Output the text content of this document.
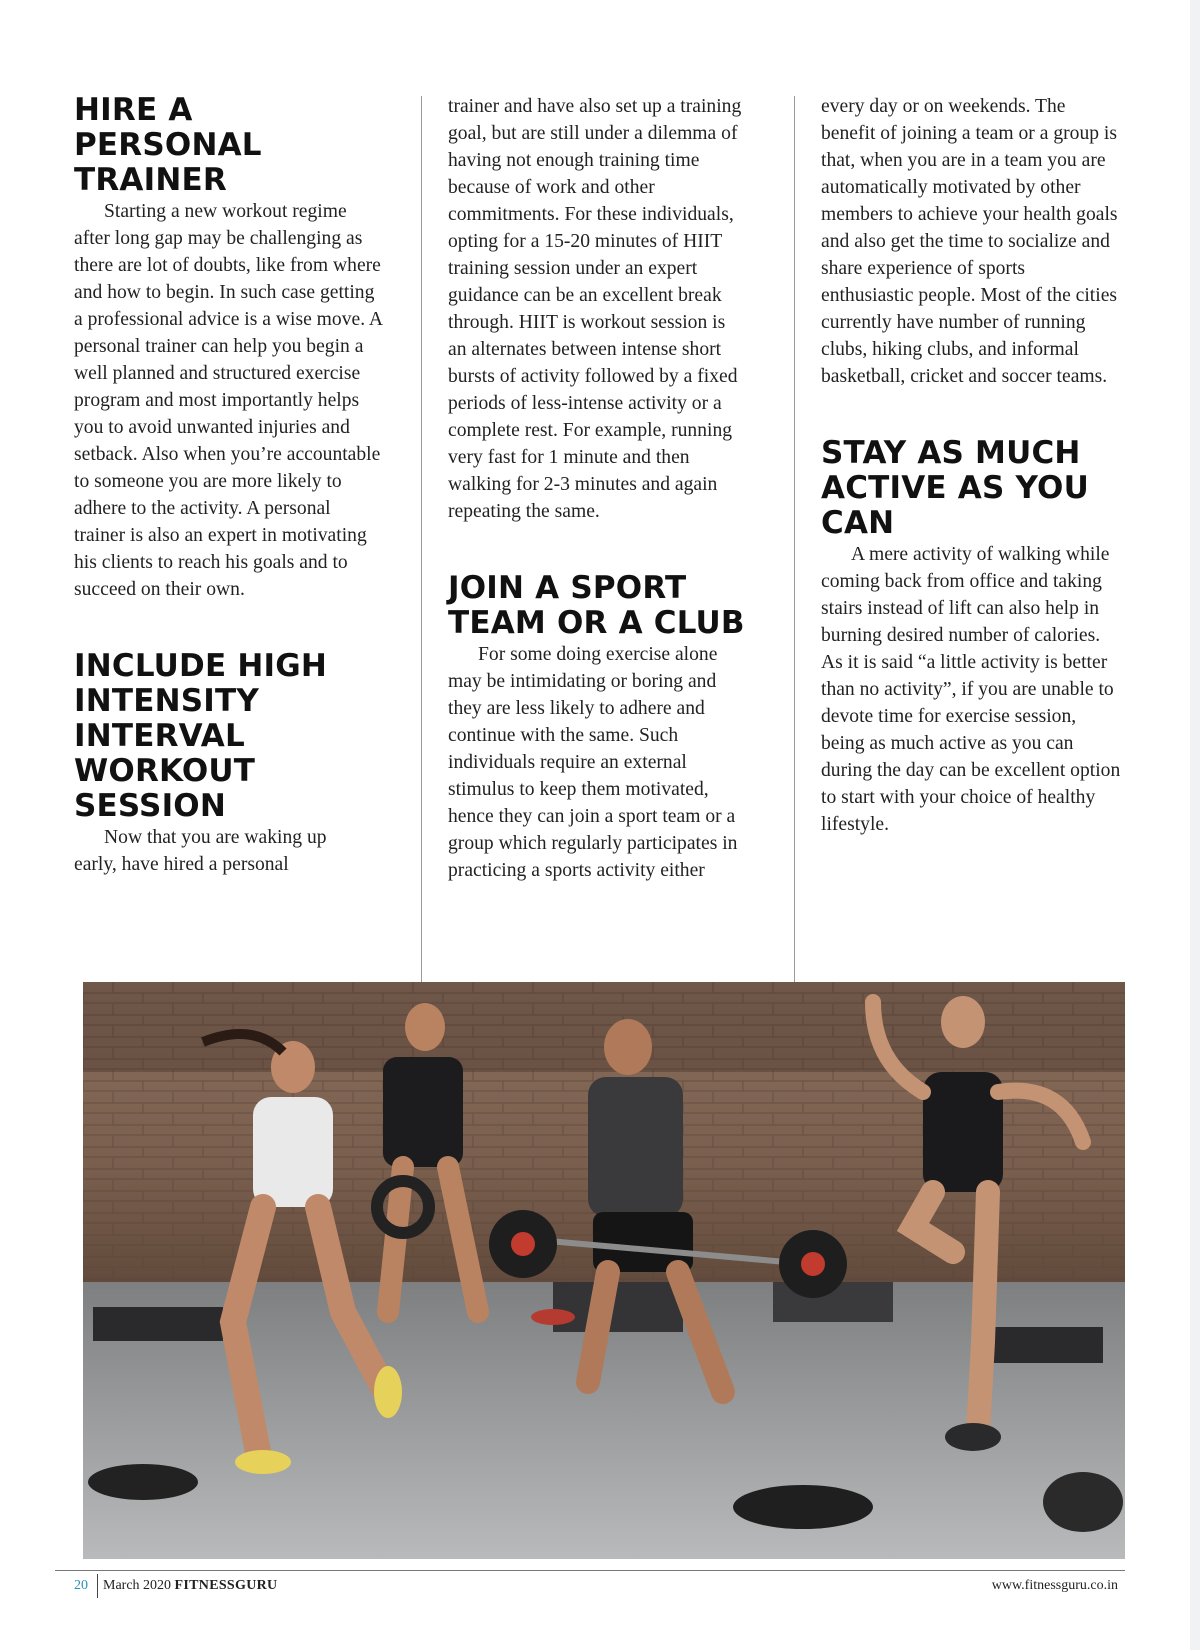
HIRE A
PERSONAL
TRAINER

Starting a new workout regime after long gap may be challenging as there are lot of doubts, like from where and how to begin. In such case getting a professional advice is a wise move. A personal trainer can help you begin a well planned and structured exercise program and most importantly helps you to avoid unwanted injuries and setback. Also when you’re accountable to someone you are more likely to adhere to the activity. A personal trainer is also an expert in motivating his clients to reach his goals and to succeed on their own.

INCLUDE HIGH
INTENSITY
INTERVAL
WORKOUT
SESSION

Now that you are waking up early, have hired a personal

trainer and have also set up a training goal, but are still under a dilemma of having not enough training time because of work and other commitments. For these individuals, opting for a 15-20 minutes of HIIT training session under an expert guidance can be an excellent break through. HIIT is workout session is an alternates between intense short bursts of activity followed by a fixed periods of less-intense activity or a complete rest. For example, running very fast for 1 minute and then walking for 2-3 minutes and again repeating the same.

JOIN A SPORT
TEAM OR A CLUB

For some doing exercise alone may be intimidating or boring and they are less likely to adhere and continue with the same. Such individuals require an external stimulus to keep them motivated, hence they can join a sport team or a group which regularly participates in practicing a sports activity either

every day or on weekends. The benefit of joining a team or a group is that, when you are in a team you are automatically motivated by other members to achieve your health goals and also get the time to socialize and share experience of sports enthusiastic people. Most of the cities currently have number of running clubs, hiking clubs, and informal basketball, cricket and soccer teams.

STAY AS MUCH
ACTIVE AS YOU
CAN

A mere activity of walking while coming back from office and taking stairs instead of lift can also help in burning desired number of calories. As it is said “a little activity is better than no activity”, if you are unable to devote time for exercise session, being as much active as you can during the day can be excellent option to start with your choice of healthy lifestyle.

20 March 2020 FITNESSGURU	www.fitnessguru.co.in
